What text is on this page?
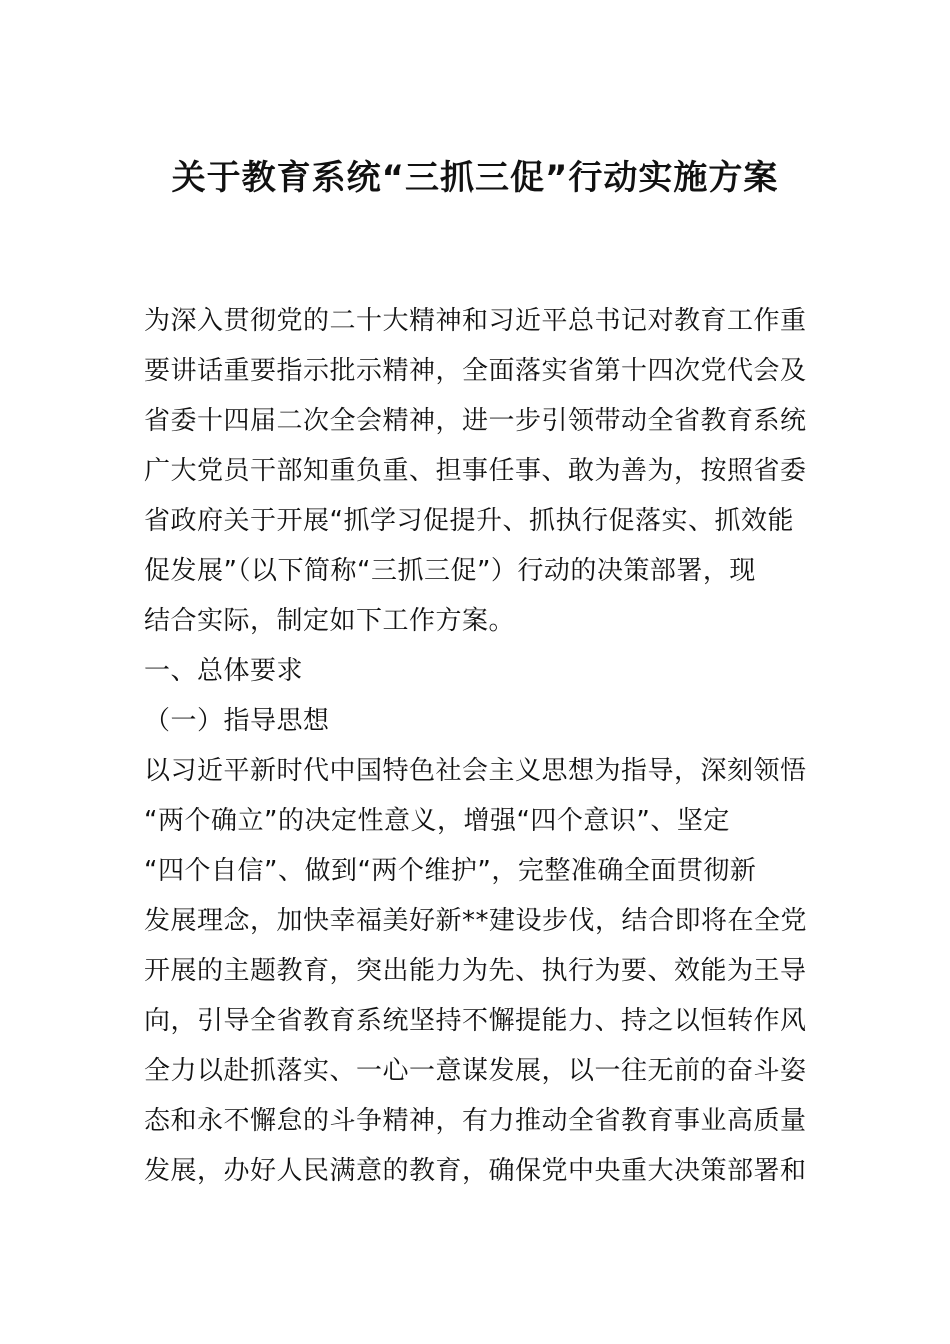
关于教育系统“三抓三促”行动实施方案
为深入贯彻党的二十大精神和习近平总书记对教育工作重
要讲话重要指示批示精神，全面落实省第十四次党代会及
省委十四届二次全会精神，进一步引领带动全省教育系统
广大党员干部知重负重、担事任事、敢为善为，按照省委
省政府关于开展“抓学习促提升、抓执行促落实、抓效能
促发展”（以下简称“三抓三促”）行动的决策部署，现
结合实际，制定如下工作方案。
一、总体要求
（一）指导思想
以习近平新时代中国特色社会主义思想为指导，深刻领悟
“两个确立”的决定性意义，增强“四个意识”、坚定
“四个自信”、做到“两个维护”，完整准确全面贯彻新
发展理念，加快幸福美好新**建设步伐，结合即将在全党
开展的主题教育，突出能力为先、执行为要、效能为王导
向，引导全省教育系统坚持不懈提能力、持之以恒转作风
全力以赴抓落实、一心一意谋发展，以一往无前的奋斗姿
态和永不懈怠的斗争精神，有力推动全省教育事业高质量
发展，办好人民满意的教育，确保党中央重大决策部署和
